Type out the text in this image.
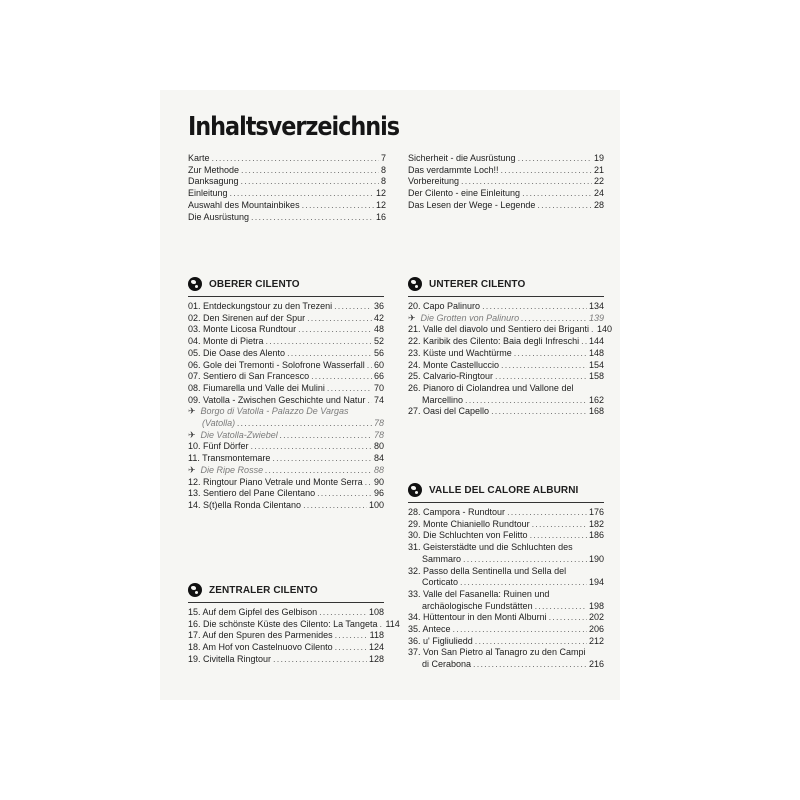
Inhaltsverzeichnis
Karte .....	7
Zur Methode .....	8
Danksagung .....	8
Einleitung .....	12
Auswahl des Mountainbikes .....	12
Die Ausrüstung .....	16
Sicherheit - die Ausrüstung .....	19
Das verdammte Loch!! .....	21
Vorbereitung .....	22
Der Cilento - eine Einleitung .....	24
Das Lesen der Wege - Legende .....	28
OBERER CILENTO
01. Entdeckungstour zu den Trezeni .....	36
02. Den Sirenen auf der Spur .....	42
03. Monte Licosa Rundtour .....	48
04. Monte di Pietra .....	52
05. Die Oase des Alento .....	56
06. Gole dei Tremonti - Solofrone Wasserfall ..... 60
07. Sentiero di San Francesco .....	66
08. Fiumarella und Valle dei Mulini .....	70
09. Vatolla - Zwischen Geschichte und Natur ..... 74
✈ Borgo di Vatolla - Palazzo De Vargas
(Vatolla) .....	78
✈ Die Vatolla-Zwiebel .....	78
10. Fünf Dörfer .....	80
11. Transmontemare .....	84
✈ Die Ripe Rosse .....	88
12. Ringtour Piano Vetrale und Monte Serra ..... 90
13. Sentiero del Pane Cilentano .....	96
14. S(t)ella Ronda Cilentano .....	100
ZENTRALER CILENTO
15. Auf dem Gipfel des Gelbison .....	108
16. Die schönste Küste des Cilento: La Tangeta ..... 114
17. Auf den Spuren des Parmenides .....	118
18. Am Hof von Castelnuovo Cilento .....	124
19. Civitella Ringtour .....	128
UNTERER CILENTO
20. Capo Palinuro .....	134
✈ Die Grotten von Palinuro .....	139
21. Valle del diavolo und Sentiero dei Briganti ..... 140
22. Karibik des Cilento: Baia degli Infreschi ..... 144
23. Küste und Wachtürme .....	148
24. Monte Castelluccio .....	154
25. Calvario-Ringtour .....	158
26. Pianoro di Ciolandrea und Vallone del
Marcellino .....	162
27. Oasi del Capello .....	168
VALLE DEL CALORE ALBURNI
28. Campora - Rundtour .....	176
29. Monte Chianiello Rundtour .....	182
30. Die Schluchten von Felitto .....	186
31. Geisterstädte und die Schluchten des
Sammaro .....	190
32. Passo della Sentinella und Sella del
Corticato .....	194
33. Valle del Fasanella: Ruinen und
archäologische Fundstätten .....	198
34. Hüttentour in den Monti Alburni .....	202
35. Antece .....	206
36. u' Figliuliedd .....	212
37. Von San Pietro al Tanagro zu den Campi
di Cerabona .....	216
